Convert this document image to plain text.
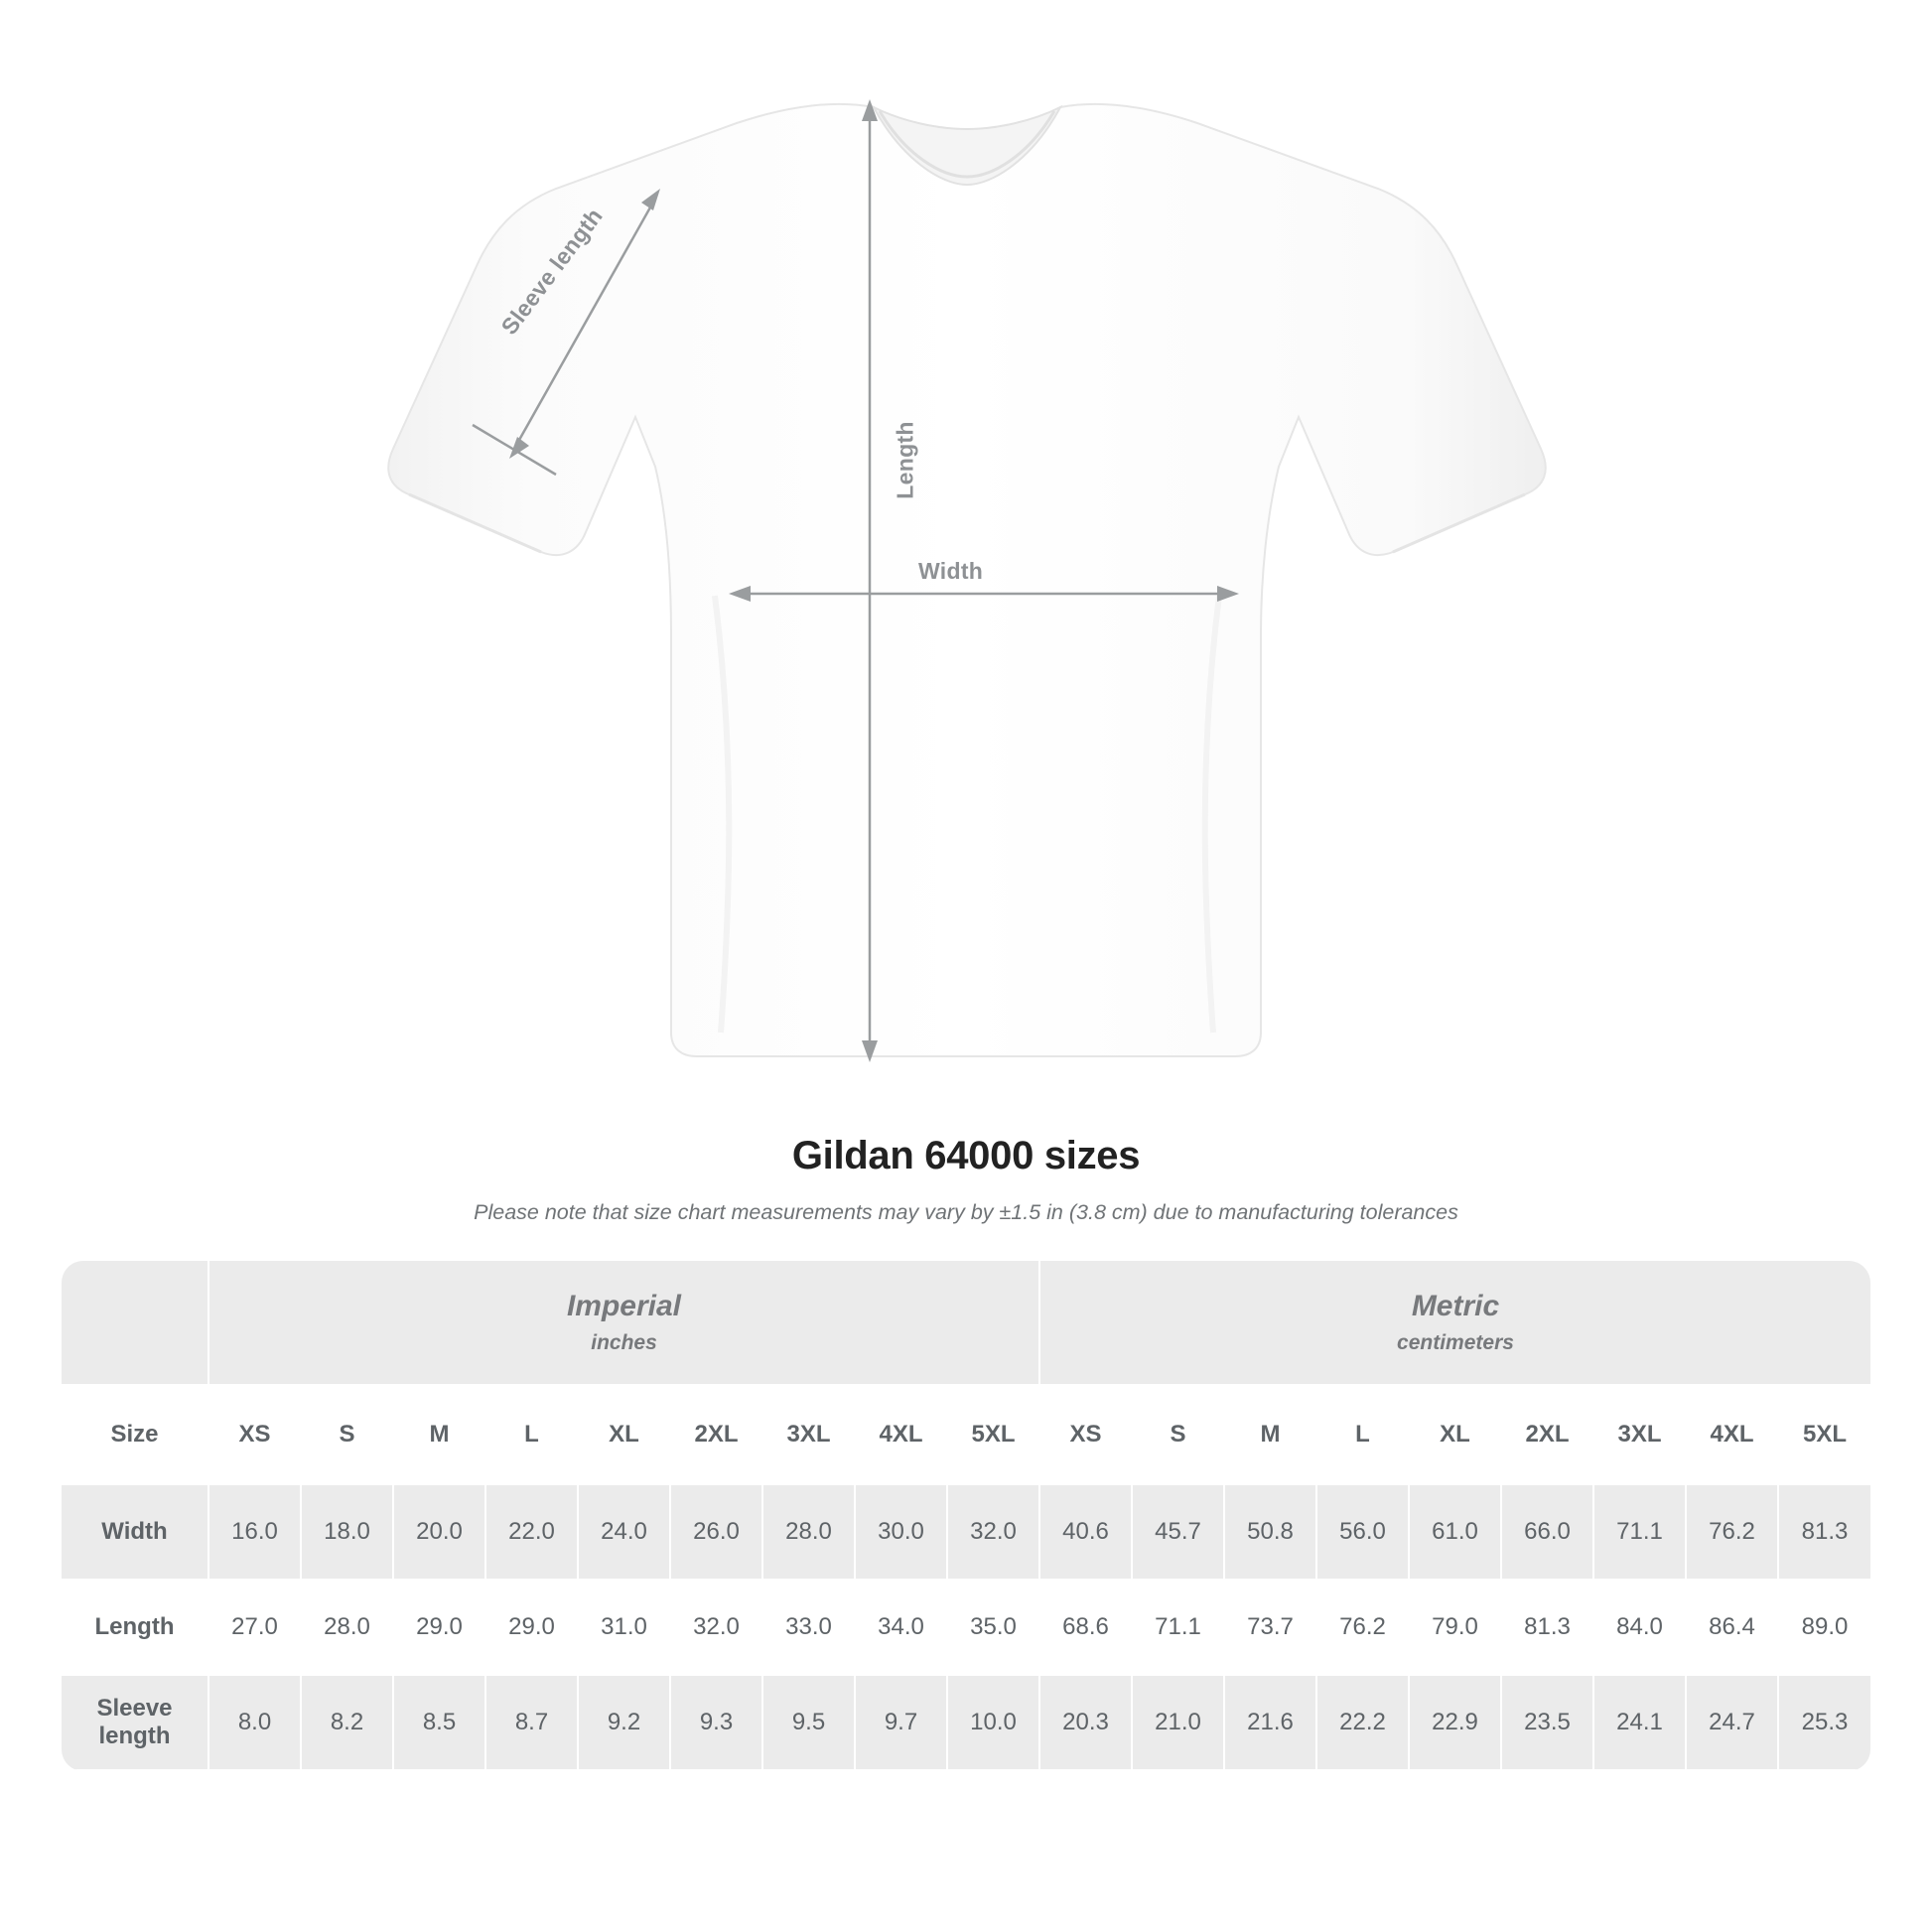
Sleeve length
Length
Width
Gildan 64000 sizes
Please note that size chart measurements may vary by ±1.5 in (3.8 cm) due to manufacturing tolerances

	Imperial
inches									Metric
centimeters								

Size	XS	S	M	L	XL	2XL	3XL	4XL	5XL	XS	S	M	L	XL	2XL	3XL	4XL	5XL
Width	16.0	18.0	20.0	22.0	24.0	26.0	28.0	30.0	32.0	40.6	45.7	50.8	56.0	61.0	66.0	71.1	76.2	81.3
Length	27.0	28.0	29.0	29.0	31.0	32.0	33.0	34.0	35.0	68.6	71.1	73.7	76.2	79.0	81.3	84.0	86.4	89.0
Sleeve length	8.0	8.2	8.5	8.7	9.2	9.3	9.5	9.7	10.0	20.3	21.0	21.6	22.2	22.9	23.5	24.1	24.7	25.3
